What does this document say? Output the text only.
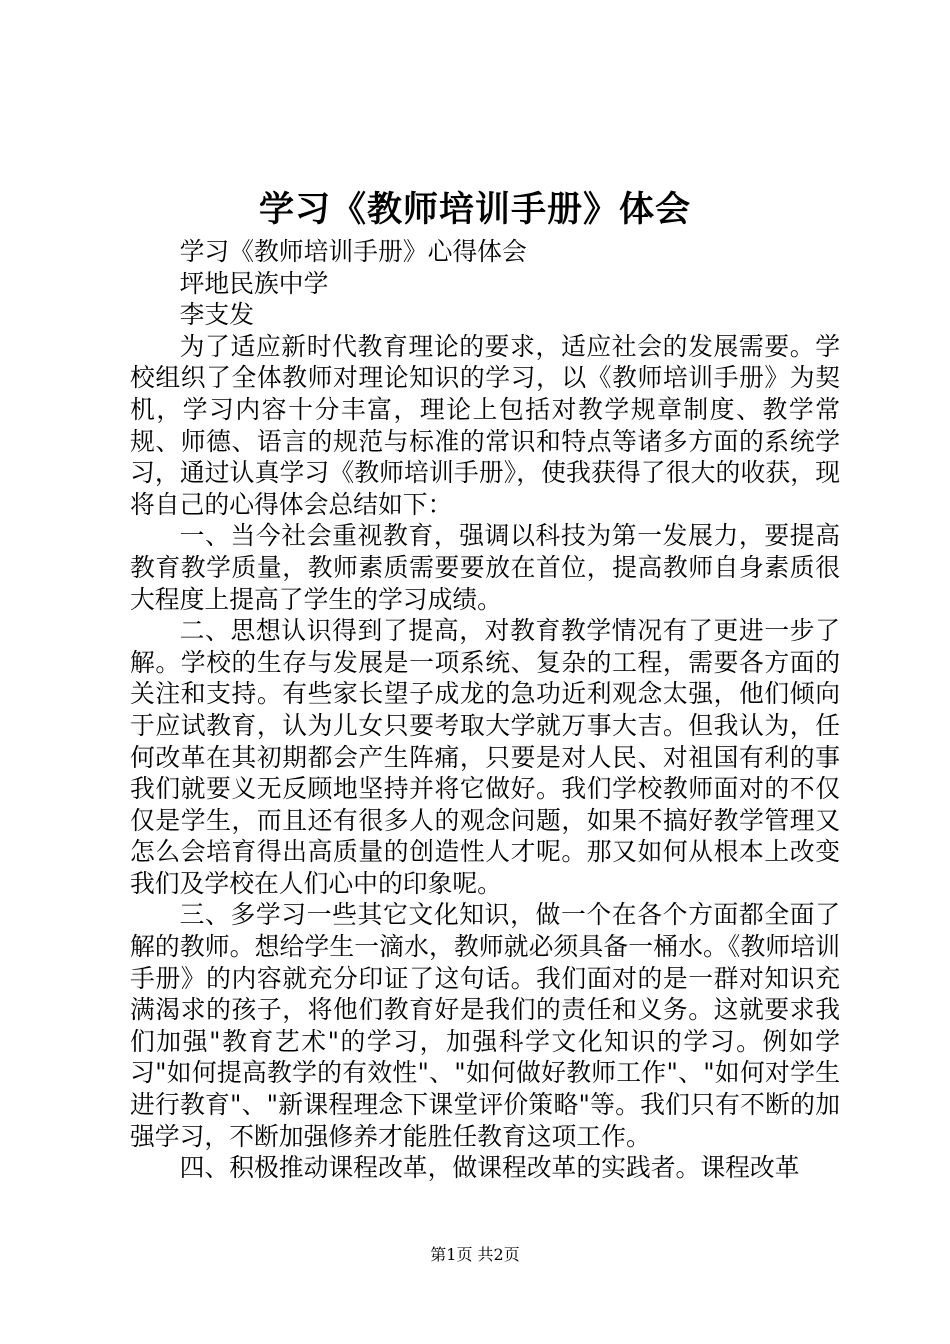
学习《教师培训手册》体会

学习《教师培训手册》心得体会

坪地民族中学

李支发

为了适应新时代教育理论的要求，适应社会的发展需要。学校组织了全体教师对理论知识的学习，以《教师培训手册》为契机，学习内容十分丰富，理论上包括对教学规章制度、教学常规、师德、语言的规范与标准的常识和特点等诸多方面的系统学习，通过认真学习《教师培训手册》，使我获得了很大的收获，现将自己的心得体会总结如下：

一、当今社会重视教育，强调以科技为第一发展力，要提高教育教学质量，教师素质需要要放在首位，提高教师自身素质很大程度上提高了学生的学习成绩。

二、思想认识得到了提高，对教育教学情况有了更进一步了解。学校的生存与发展是一项系统、复杂的工程，需要各方面的关注和支持。有些家长望子成龙的急功近利观念太强，他们倾向于应试教育，认为儿女只要考取大学就万事大吉。但我认为，任何改革在其初期都会产生阵痛，只要是对人民、对祖国有利的事我们就要义无反顾地坚持并将它做好。我们学校教师面对的不仅仅是学生，而且还有很多人的观念问题，如果不搞好教学管理又怎么会培育得出高质量的创造性人才呢。那又如何从根本上改变我们及学校在人们心中的印象呢。

三、多学习一些其它文化知识，做一个在各个方面都全面了解的教师。想给学生一滴水，教师就必须具备一桶水。《教师培训手册》的内容就充分印证了这句话。我们面对的是一群对知识充满渴求的孩子，将他们教育好是我们的责任和义务。这就要求我们加强"教育艺术"的学习，加强科学文化知识的学习。例如学习"如何提高教学的有效性"、"如何做好教师工作"、"如何对学生进行教育"、"新课程理念下课堂评价策略"等。我们只有不断的加强学习，不断加强修养才能胜任教育这项工作。

四、积极推动课程改革，做课程改革的实践者。课程改革

第1页 共2页
